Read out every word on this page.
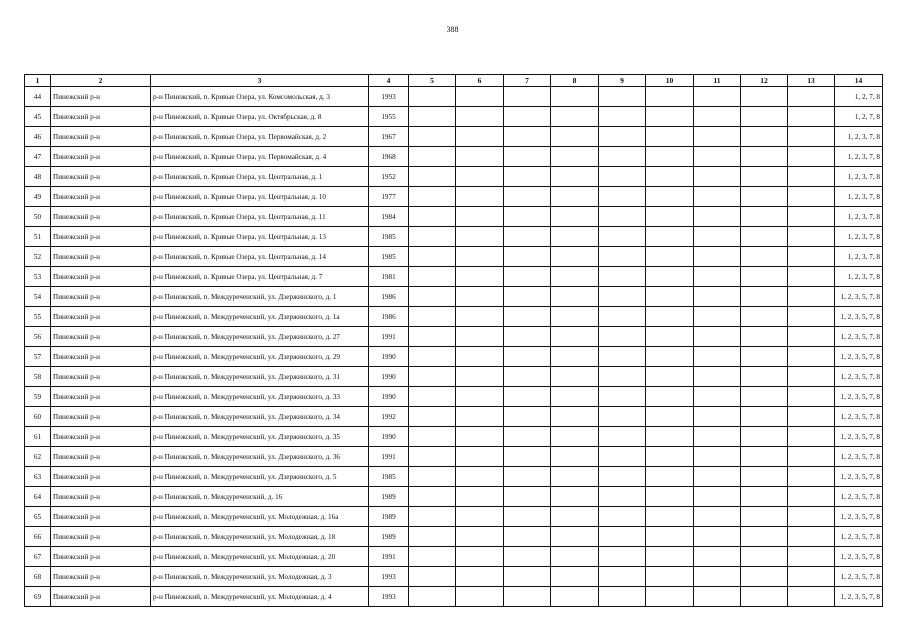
388
1	2	3	4	5	6	7	8	9	10	11	12	13	14
44	Пинежский р-н	р-н Пинежский, п. Кривые Озера, ул. Комсомольская, д. 3	1993										1, 2, 7, 8
45	Пинежский р-н	р-н Пинежский, п. Кривые Озера, ул. Октябрьская, д. 8	1955										1, 2, 7, 8
46	Пинежский р-н	р-н Пинежский, п. Кривые Озера, ул. Первомайская, д. 2	1967										1, 2, 3, 7, 8
47	Пинежский р-н	р-н Пинежский, п. Кривые Озера, ул. Первомайская, д. 4	1968										1, 2, 3, 7, 8
48	Пинежский р-н	р-н Пинежский, п. Кривые Озера, ул. Центральная, д. 1	1952										1, 2, 3, 7, 8
49	Пинежский р-н	р-н Пинежский, п. Кривые Озера, ул. Центральная, д. 10	1977										1, 2, 3, 7, 8
50	Пинежский р-н	р-н Пинежский, п. Кривые Озера, ул. Центральная, д. 11	1984										1, 2, 3, 7, 8
51	Пинежский р-н	р-н Пинежский, п. Кривые Озера, ул. Центральная, д. 13	1985										1, 2, 3, 7, 8
52	Пинежский р-н	р-н Пинежский, п. Кривые Озера, ул. Центральная, д. 14	1985										1, 2, 3, 7, 8
53	Пинежский р-н	р-н Пинежский, п. Кривые Озера, ул. Центральная, д. 7	1981										1, 2, 3, 7, 8
54	Пинежский р-н	р-н Пинежский, п. Междуреченский, ул. Дзержинского, д. 1	1986										1, 2, 3, 5, 7, 8
55	Пинежский р-н	р-н Пинежский, п. Междуреченский, ул. Дзержинского, д. 1а	1986										1, 2, 3, 5, 7, 8
56	Пинежский р-н	р-н Пинежский, п. Междуреченский, ул. Дзержинского, д. 27	1991										1, 2, 3, 5, 7, 8
57	Пинежский р-н	р-н Пинежский, п. Междуреченский, ул. Дзержинского, д. 29	1990										1, 2, 3, 5, 7, 8
58	Пинежский р-н	р-н Пинежский, п. Междуреченский, ул. Дзержинского, д. 31	1990										1, 2, 3, 5, 7, 8
59	Пинежский р-н	р-н Пинежский, п. Междуреченский, ул. Дзержинского, д. 33	1990										1, 2, 3, 5, 7, 8
60	Пинежский р-н	р-н Пинежский, п. Междуреченский, ул. Дзержинского, д. 34	1992										1, 2, 3, 5, 7, 8
61	Пинежский р-н	р-н Пинежский, п. Междуреченский, ул. Дзержинского, д. 35	1990										1, 2, 3, 5, 7, 8
62	Пинежский р-н	р-н Пинежский, п. Междуреченский, ул. Дзержинского, д. 36	1991										1, 2, 3, 5, 7, 8
63	Пинежский р-н	р-н Пинежский, п. Междуреченский, ул. Дзержинского, д. 5	1985										1, 2, 3, 5, 7, 8
64	Пинежский р-н	р-н Пинежский, п. Междуреченский, д. 16	1989										1, 2, 3, 5, 7, 8
65	Пинежский р-н	р-н Пинежский, п. Междуреченский, ул. Молодежная, д. 16а	1989										1, 2, 3, 5, 7, 8
66	Пинежский р-н	р-н Пинежский, п. Междуреченский, ул. Молодежная, д. 18	1989										1, 2, 3, 5, 7, 8
67	Пинежский р-н	р-н Пинежский, п. Междуреченский, ул. Молодежная, д. 20	1991										1, 2, 3, 5, 7, 8
68	Пинежский р-н	р-н Пинежский, п. Междуреченский, ул. Молодежная, д. 3	1993										1, 2, 3, 5, 7, 8
69	Пинежский р-н	р-н Пинежский, п. Междуреченский, ул. Молодежная, д. 4	1993										1, 2, 3, 5, 7, 8
